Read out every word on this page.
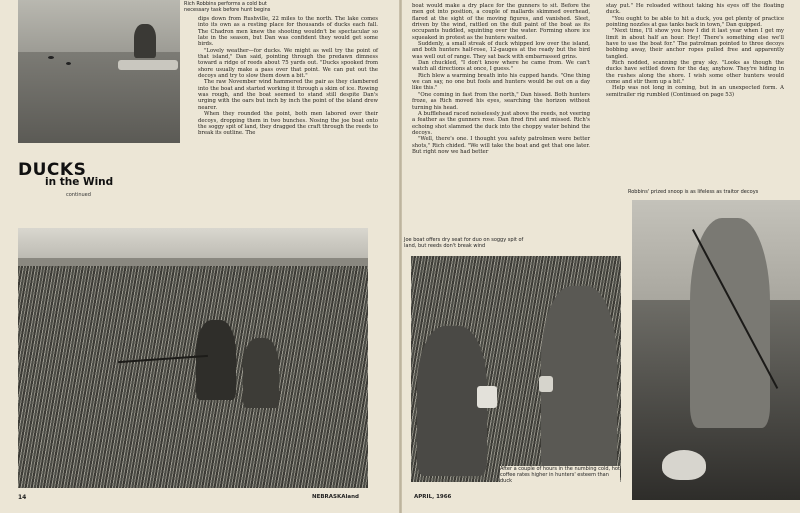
Rich Robbins performs a cold but necessary task before hunt begins
DUCKS
in the Wind
continued

dips down from Rushville, 22 miles to the north. The lake comes into its own as a resting place for thousands of ducks each fall. The Chadron men knew the shooting wouldn't be spectacular so late in the season, but Dan was confident they would get some birds.

"Lovely weather—for ducks. We might as well try the point of that island," Dan said, pointing through the predawn dimness toward a ridge of reeds about 75 yards out. "Ducks spooked from shore usually make a pass over that point. We can put out the decoys and try to slow them down a bit."

The raw November wind hammered the pair as they clambered into the boat and started working it through a skim of ice. Rowing was rough, and the boat seemed to stand still despite Dan's urging with the oars but inch by inch the point of the island drew nearer.

When they rounded the point, both men labored over their decoys, dropping them in two bunches. Nosing the joe boat onto the soggy spit of land, they dragged the craft through the reeds to break its outline. The

14	NEBRASKAland

boat would make a dry place for the gunners to sit. Before the men got into position, a couple of mallards skimmed overhead, flared at the sight of the moving figures, and vanished. Sleet, driven by the wind, rattled on the dull paint of the boat as its occupants huddled, squinting over the water. Forming shore ice squeaked in protest as the hunters waited.

Suddenly, a small streak of duck whipped low over the island, and both hunters half-rose, 12-gauges at the ready but the bird was well out of range. They sat back with embarrassed grins.

Dan chuckled, "I don't know where he came from. We can't watch all directions at once, I guess."

Rich blew a warming breath into his cupped hands. "One thing we can say, no one but fools and hunters would be out on a day like this."

"One coming in fast from the north," Dan hissed. Both hunters froze, as Rich moved his eyes, searching the horizon without turning his head.

A bufflehead raced noiselessly just above the reeds, not veering a feather as the gunners rose. Dan fired first and missed. Rich's echoing shot slammed the duck into the choppy water behind the decoys.

"Well, there's one. I thought you safety patrolmen were better shots," Rich chided. "We will take the boat and get that one later. But right now we had better

stay put." He reloaded without taking his eyes off the floating duck.

"You ought to be able to hit a duck, you get plenty of practice pointing nozzles at gas tanks back in town," Dan quipped.

"Next time, I'll show you how I did it last year when I get my limit in about half an hour. Hey! There's something else we'll have to use the boat for." The patrolman pointed to three decoys bobbing away, their anchor ropes pulled free and apparently tangled.

Rich nodded, scanning the gray sky. "Looks as though the ducks have settled down for the day, anyhow. They're hiding in the rushes along the shore. I wish some other hunters would come and stir them up a bit."

Help was not long in coming, but in an unexpected form. A semitrailer rig rumbled (Continued on page 53)

Robbins' prized snoop is as lifeless as traitor decoys
Joe boat offers dry seat for duo on soggy spit of land, but reeds don't break wind
After a couple of hours in the numbing cold, hot coffee rates higher in hunters' esteem than duck
APRIL, 1966
